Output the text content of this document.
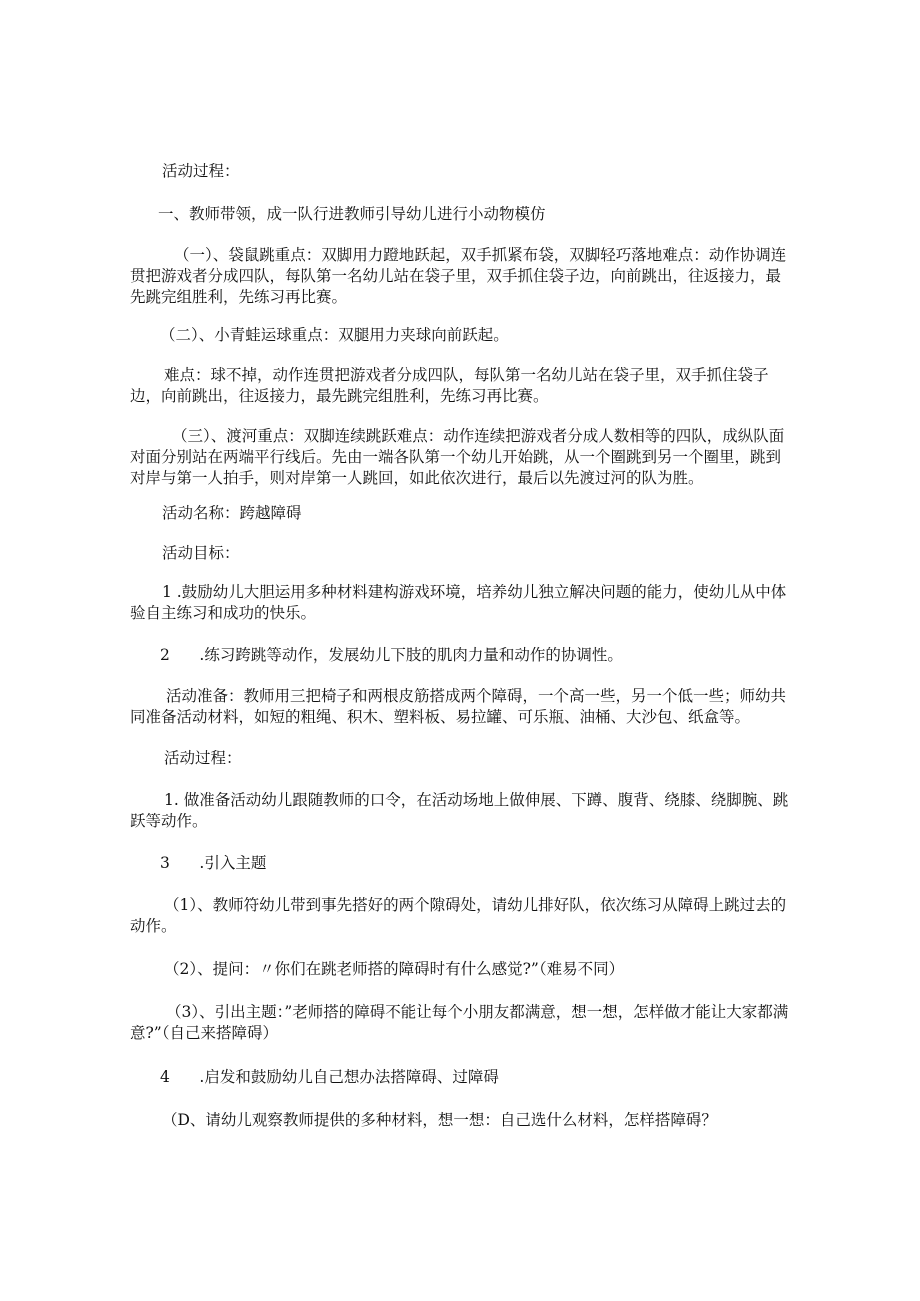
活动过程：

一、教师带领，成一队行进教师引导幼儿进行小动物模仿

（一）、袋鼠跳重点：双脚用力蹬地跃起，双手抓紧布袋，双脚轻巧落地难点：动作协调连贯把游戏者分成四队，每队第一名幼儿站在袋子里，双手抓住袋子边，向前跳出，往返接力，最先跳完组胜利，先练习再比赛。

（二）、小青蛙运球重点：双腿用力夹球向前跃起。

难点：球不掉，动作连贯把游戏者分成四队，每队第一名幼儿站在袋子里，双手抓住袋子边，向前跳出，往返接力，最先跳完组胜利，先练习再比赛。

（三）、渡河重点：双脚连续跳跃难点：动作连续把游戏者分成人数相等的四队，成纵队面对面分别站在两端平行线后。先由一端各队第一个幼儿开始跳，从一个圈跳到另一个圈里，跳到对岸与第一人拍手，则对岸第一人跳回，如此依次进行，最后以先渡过河的队为胜。

活动名称：跨越障碍

活动目标：

1 .鼓励幼儿大胆运用多种材料建构游戏环境，培养幼儿独立解决问题的能力，使幼儿从中体验自主练习和成功的快乐。

2      .练习跨跳等动作，发展幼儿下肢的肌肉力量和动作的协调性。

活动准备：教师用三把椅子和两根皮筋搭成两个障碍，一个高一些，另一个低一些；师幼共同准备活动材料，如短的粗绳、积木、塑料板、易拉罐、可乐瓶、油桶、大沙包、纸盒等。

活动过程：

1. 做准备活动幼儿跟随教师的口令，在活动场地上做伸展、下蹲、腹背、绕膝、绕脚腕、跳跃等动作。

3      .引入主题

（1）、教师符幼儿带到事先搭好的两个隙碍处，请幼儿排好队，依次练习从障碍上跳过去的动作。

（2）、提问：〃你们在跳老师搭的障碍时有什么感觉?”（难易不同）

（3）、引出主题：”老师搭的障碍不能让每个小朋友都满意，想一想，怎样做才能让大家都满意?”（自己来搭障碍）

4      .启发和鼓励幼儿自己想办法搭障碍、过障碍

（D、请幼儿观察教师提供的多种材料，想一想：自己选什么材料，怎样搭障碍？
